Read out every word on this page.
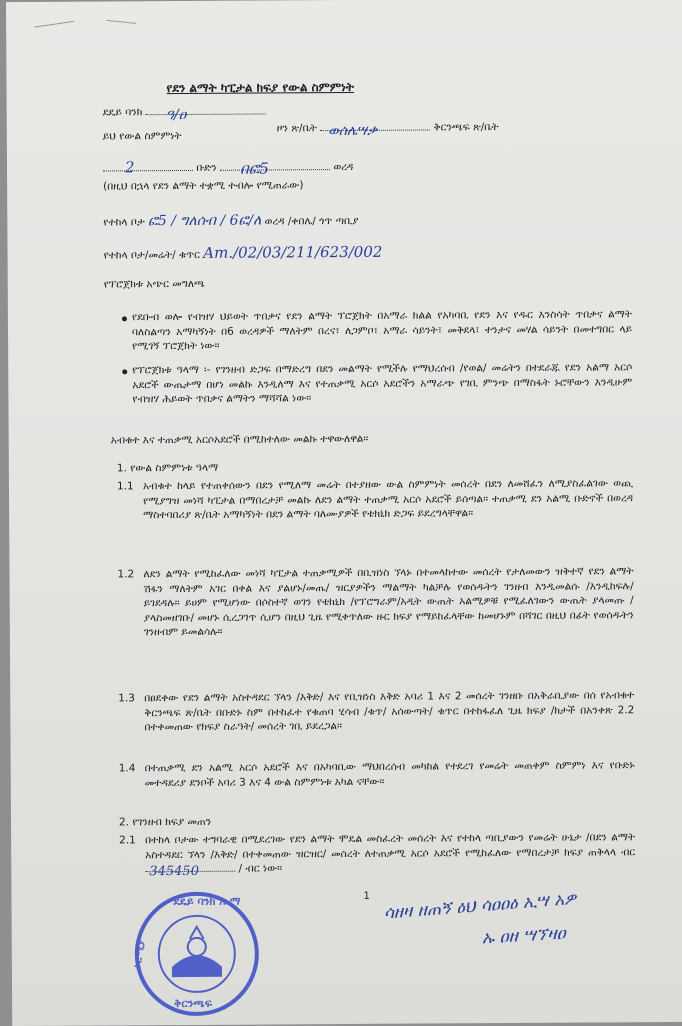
የደን ልማት ካፒታል ክፍያ የውል ስምምነት
ደዴይ ባንክ ዓ/ዐ
ዞን ጽ/ቤት ወሰሌሣቃ	ቅርንጫፍ ጽ/ቤት
ይህ የውል ስምምነት
2	ቡድን በፎ5	ወረዳ
(በዚህ በኋላ የደን ልማት ተቋሚ ተብሎ የሚጠራው)
የተከላ ቦታ ፎ5 / ግለሰብ / 6ፎ/ለ ወረዳ /ቀበሌ/ ጎጥ ጣቢያ
የተከላ ቦታ/መሬት/ ቁጥር Am./02/03/211/623/002
የፕሮጀክቱ አጭር መግለጫ
የደቡብ ወሎ የብዝሃ ህይወት ጥበቃና የደን ልማት ፕሮጀክት በአማራ ክልል የአካባቢ የደን እና የዱር እንስሳት ጥበቃና ልማት ባለስልጣን አማካኝነት በ6 ወረዳዎች ማለትም በረና፣ ለጋምቦ፣ አማራ ሳይንት፣ መቅደላ፣ ተንታና መሃል ሳይንት በመተግበር ላይ የሚገኝ ፕሮጀክት ነው።
የፕሮጀክቱ ዓላማ ፡- የገንዘብ ድጋፍ በማድረግ በደን መልማት የሚችሉ የማህረሰብ /የወል/ መሬትን በተደራጁ የደን አልማ አርሶ አደሮች ውጤታማ በሆነ መልኩ እንዲለማ እና የተጠቃሚ አርሶ አደሮችን አማራጭ የገቢ ምንጭ በማስፋት ኑሮቸውን እንዲሁም የብዝሃ ሕይወት ጥበቃና ልማትን ማሻሻል ነው።
አብቁተ እና ተጠቃሚ አርሶአደሮች በሚከተለው መልኩ ተዋውለዋል።
1. የውል ስምምነቱ ዓላማ
1.1 አብቁተ ከላይ የተጠቀሰውን በደን የሚለማ መሬት በተያዘው ውል ስምምነት መሰረት በደን ለመሸፈን ለሚያስፈልገው ወጪ የሚያግዝ መነሻ ካፒታል በማበረታቻ መልኩ ለደን ልማት ተጠቃሚ አርሶ አደሮች ይሰጣል። ተጠቃሚ ደን አልሚ ቡድኖች በወረዳ ማስተባበሪያ ጽ/ቤት አማካኝነት በደን ልማት ባለሙያዎች የቴክኒክ ድጋፍ ይደረግላቸዋል።
1.2 ለደን ልማት የሚከፈለው መነሻ ካፒታል ተጠቃሚዎች በቢዝነስ ኘላኑ በተመላከተው መሰረት የታለመውን ዝቅተኛ የደን ልማት ሽፋን ማለትም አገር በቀል እና ያልሆኑ/መጤ/ ዝርያዎችን ማልማት ካልቻሉ የወሰዱትን ገንዘብ እንዲመልሱ /እንዲከፍሉ/ ይገደዳሉ። ይሀም የሚሆነው በሶስተኛ ወገን የቴክኒክ /የፕሮግራም/አዲት ውጤት አልሚዎቹ የሚፈለገውን ውጤት ያላመጡ /ያላስመዘገቡ/ መሆኑ ሲረጋገጥ ሲሆን በዚህ ጊዜ የሚቀጥለው ዙር ክፍያ የማይከፈላቸው ከመሆኑም በሻገር በዚህ በፊት የወሰዱትን ገንዘብም ይመልሳሉ።
1.3 በፀደቀው የደን ልማት አስተዳደር ኘላን /እቅድ/ እና የቢዝነስ እቅድ አባሪ 1 እና 2 መሰረት ገንዘቡ በአቅራቢያው በሰ የአብቁተ ቅርንጫፍ ጽ/ቤት በቡድኑ ስም በተከፈተ የቁጠባ ሂሳብ /ቁጥ/ አሰውጣት/ ቁጥር በተከፋፈለ ጊዜ ክፍያ /ክታች በአንቀጽ 2.2 በተቀመጠው የክፍያ ስራዓት/ መሰረት ገቢ ይደረጋል።
1.4 በተጠቃሚ ደን አልሚ አርሶ አደሮች እና በአካባቢው ማህበረሰብ መካከል የተደረገ የመሬት መጠቀም ስምምነ እና የቡድኑ መተዳደሪያ ደንቦች አባሪ 3 እና 4 ውል ስምምነቱ አካል ናቸው።
2. የገንዘብ ክፍያ መጠን
2.1 በተከላ ቦታው ተግባራዊ በሚደረገው የደን ልማት ሞዴል መስፈረት መሰረት እና የተከላ ጣቢያውን የመሬት ሁኔታ /በደን ልማት አስተዳደር ኘላን /እቅድ/ በተቀመጠው ዝርዝር/ መሰረት ለተጠቃሚ አርሶ አደሮች የሚከፈለው የማበረታቻ ክፍያ ጠቅላላ ብር
345450	/ ብር ነው።
1 ሳዘዛ ዘጠኝ ዕህ ሳዐዐዕ ኢሣ አዎ
ኡ ዐዘ ሣኘዛዐ
ደዴይ ባንክ አ.ማ
ቅርንጫፍ
ኦሮሚያ
